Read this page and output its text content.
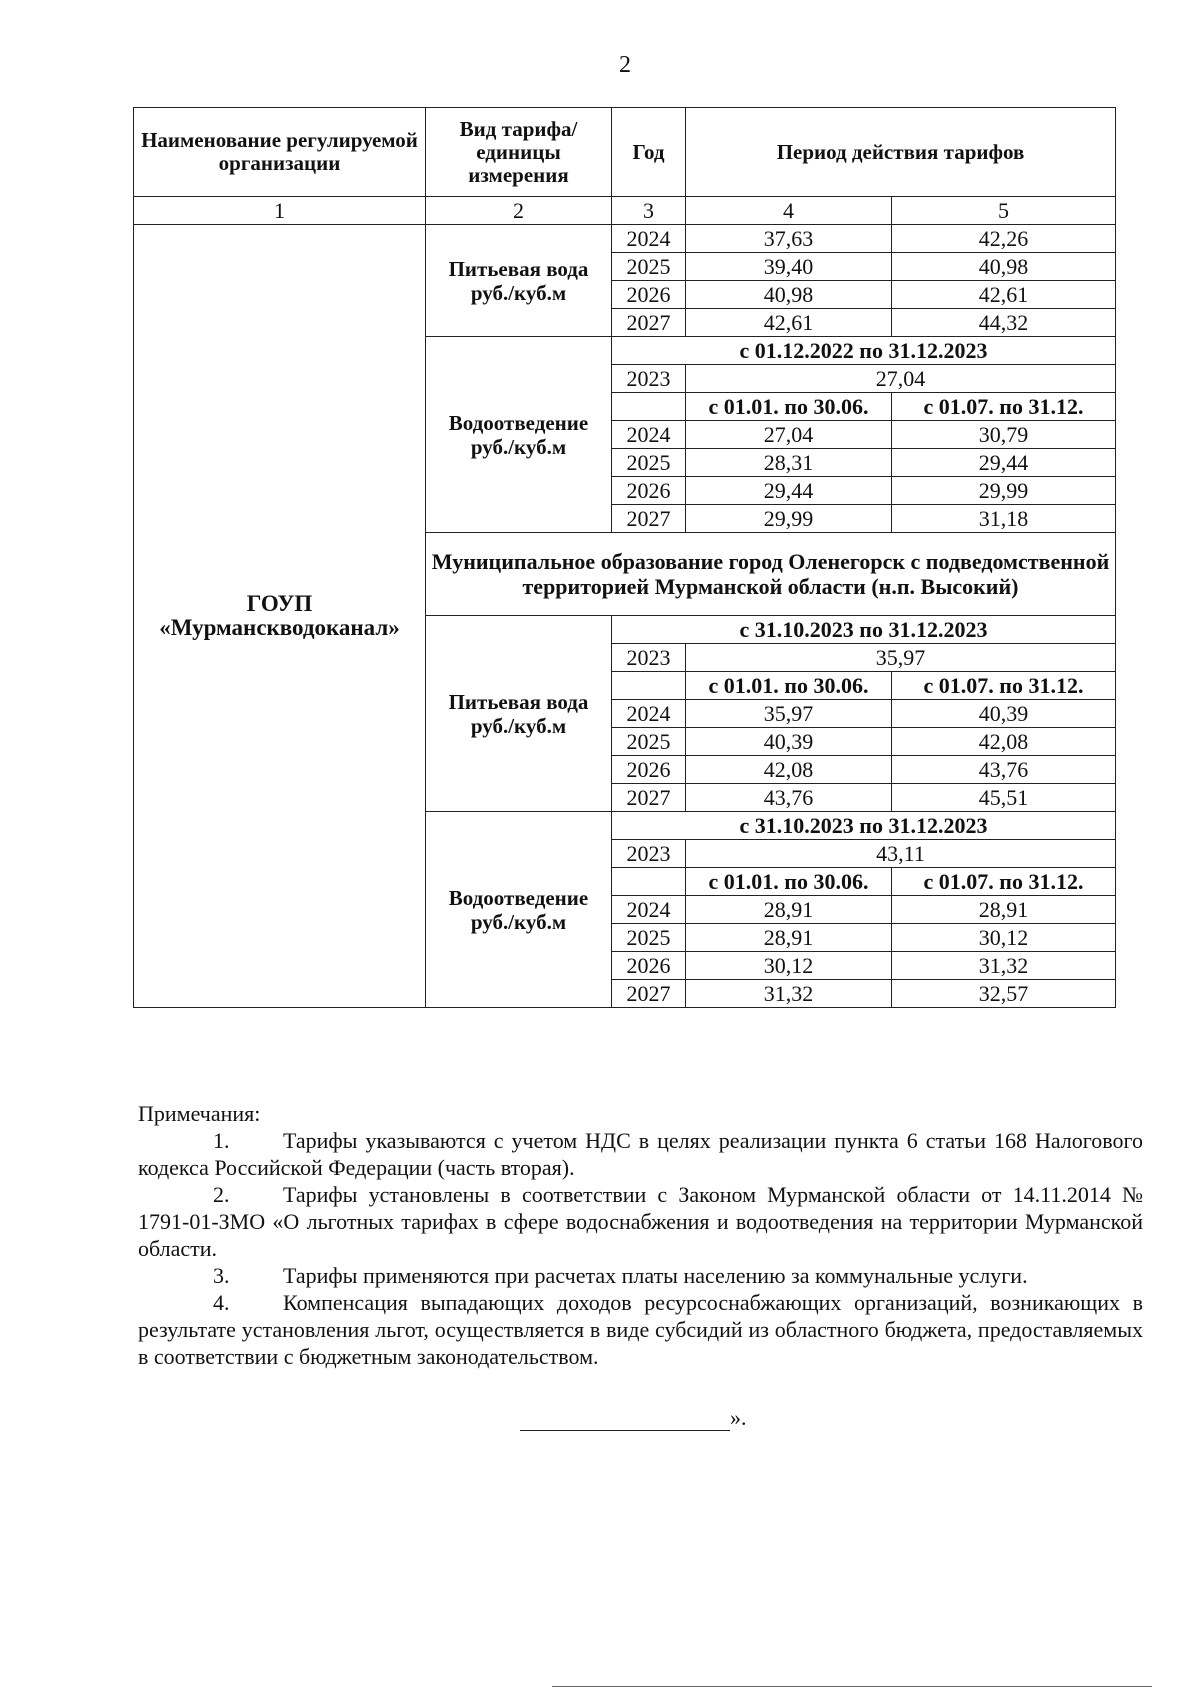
2
Наименование регулируемой организации	Вид тарифа/единицы измерения	Год	Период действия тарифов	
1	2	3	4	5
ГОУП «Мурманскводоканал»	Питьевая вода руб./куб.м	2024	37,63	42,26
		2025	39,40	40,98
		2026	40,98	42,61
		2027	42,61	44,32
	Водоотведение руб./куб.м	с 01.12.2022 по 31.12.2023		
		2023	27,04	
			с 01.01. по 30.06.	с 01.07. по 31.12.
		2024	27,04	30,79
		2025	28,31	29,44
		2026	29,44	29,99
		2027	29,99	31,18
	Муниципальное образование город Оленегорск с подведомственной территорией Мурманской области (н.п. Высокий)			
	Питьевая вода руб./куб.м	с 31.10.2023 по 31.12.2023		
		2023	35,97	
			с 01.01. по 30.06.	с 01.07. по 31.12.
		2024	35,97	40,39
		2025	40,39	42,08
		2026	42,08	43,76
		2027	43,76	45,51
	Водоотведение руб./куб.м	с 31.10.2023 по 31.12.2023		
		2023	43,11	
			с 01.01. по 30.06.	с 01.07. по 31.12.
		2024	28,91	28,91
		2025	28,91	30,12
		2026	30,12	31,32
		2027	31,32	32,57

Примечания:

1. Тарифы указываются с учетом НДС в целях реализации пункта 6 статьи 168 Налогового кодекса Российской Федерации (часть вторая).

2. Тарифы установлены в соответствии с Законом Мурманской области от 14.11.2014 № 1791-01-ЗМО «О льготных тарифах в сфере водоснабжения и водоотведения на территории Мурманской области.

3. Тарифы применяются при расчетах платы населению за коммунальные услуги.

4. Компенсация выпадающих доходов ресурсоснабжающих организаций, возникающих в результате установления льгот, осуществляется в виде субсидий из областного бюджета, предоставляемых в соответствии с бюджетным законодательством.

».
